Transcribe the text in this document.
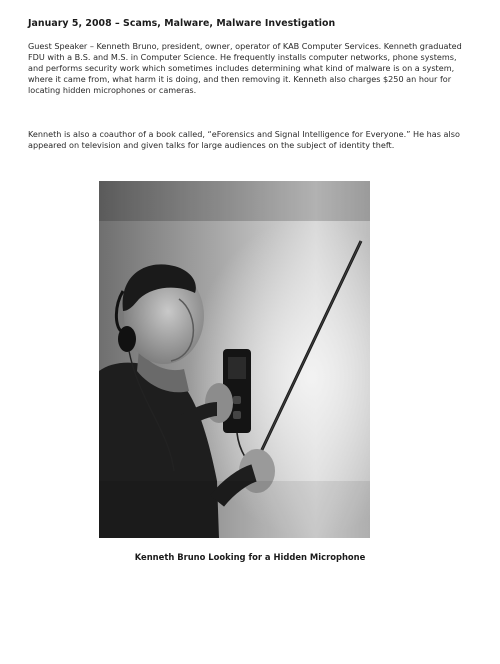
January 5, 2008 – Scams, Malware, Malware Investigation

Guest Speaker – Kenneth Bruno, president, owner, operator of KAB Computer Services. Kenneth graduated FDU with a B.S. and M.S. in Computer Science. He frequently installs computer networks, phone systems, and performs security work which sometimes includes determining what kind of malware is on a system, where it came from, what harm it is doing, and then removing it. Kenneth also charges $250 an hour for locating hidden microphones or cameras.

Kenneth is also a coauthor of a book called, “eForensics and Signal Intelligence for Everyone.” He has also appeared on television and given talks for large audiences on the subject of identity theft.

Kenneth Bruno Looking for a Hidden Microphone
